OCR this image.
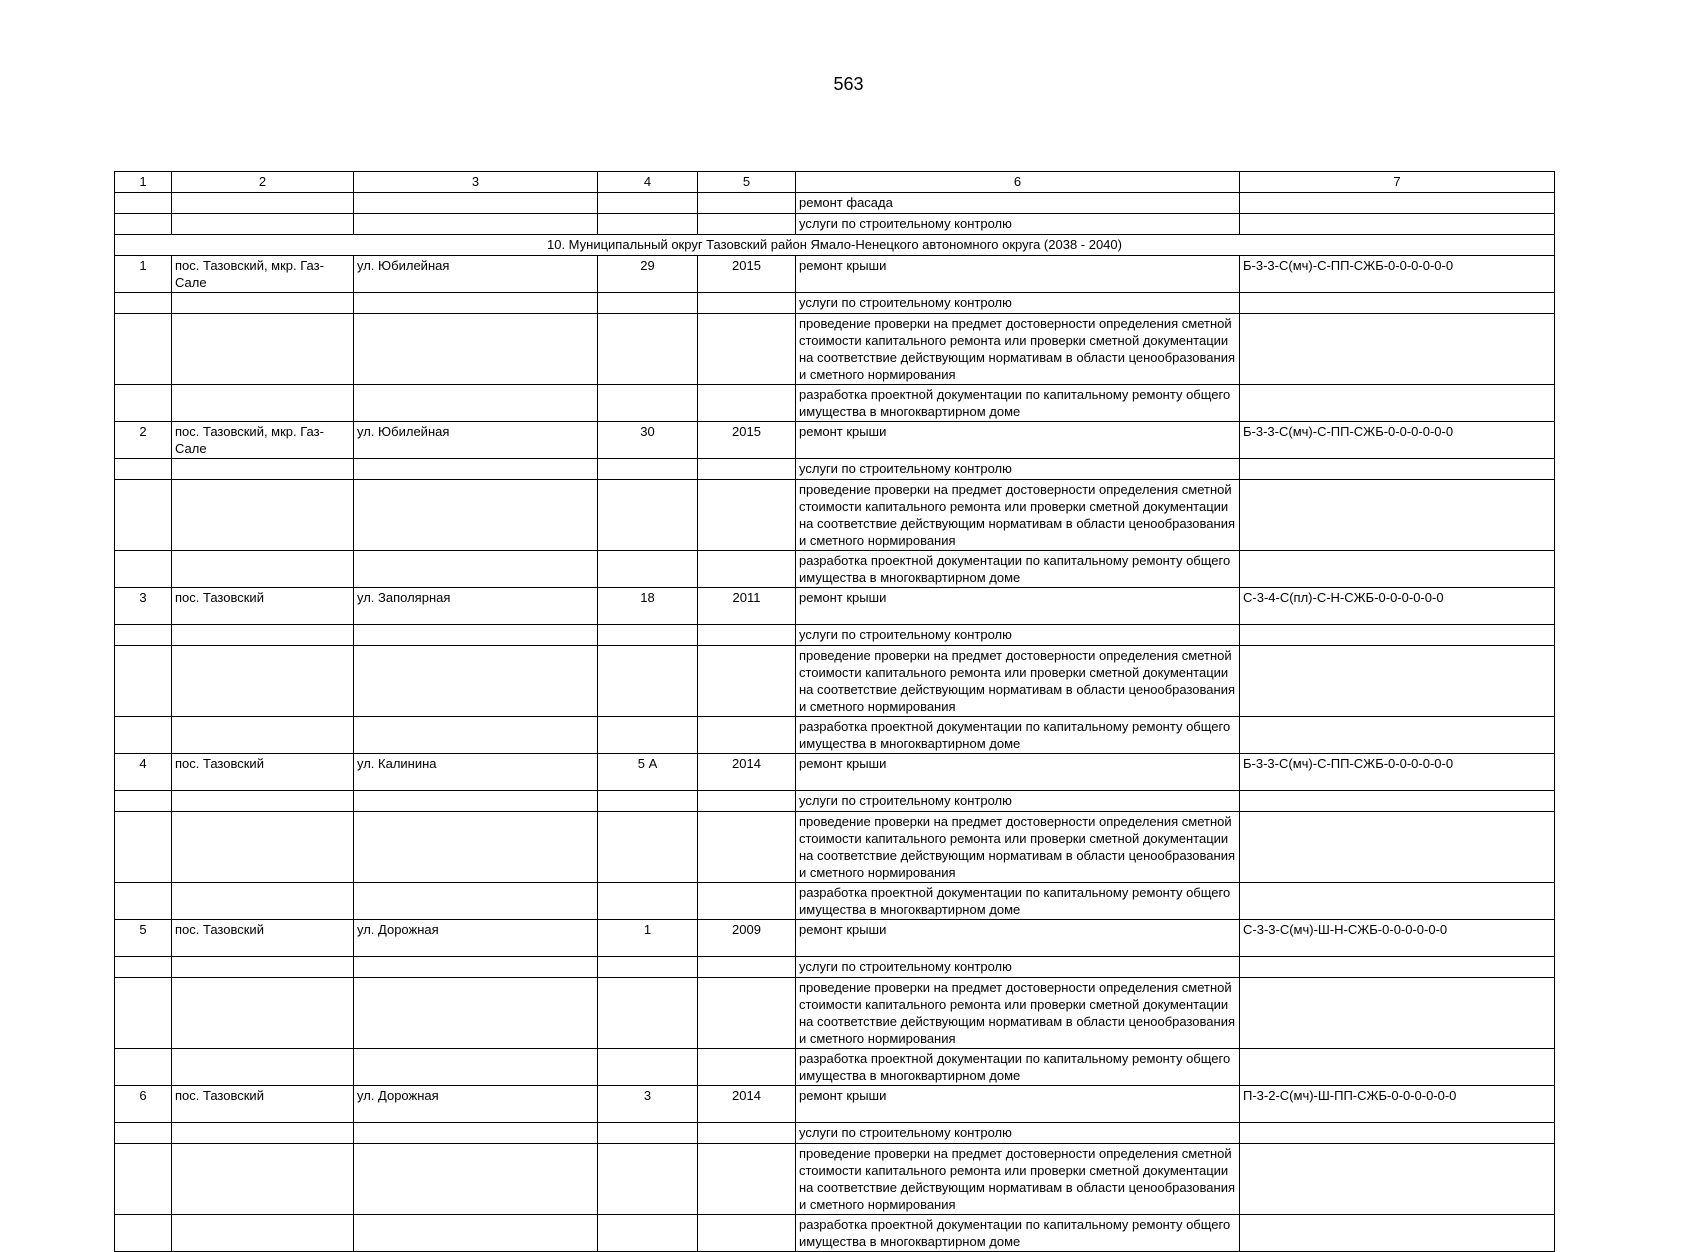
563
1	2	3	4	5	6	7
					ремонт фасада	
					услуги по строительному контролю	
10. Муниципальный округ Тазовский район Ямало-Ненецкого автономного округа (2038 - 2040)						
1	пос. Тазовский, мкр. Газ-Сале	ул. Юбилейная	29	2015	ремонт крыши	Б-3-3-С(мч)-С-ПП-СЖБ-0-0-0-0-0-0
					услуги по строительному контролю	
					проведение проверки на предмет достоверности определения сметной стоимости капитального ремонта или проверки сметной документации на соответствие действующим нормативам в области ценообразования и сметного нормирования	
					разработка проектной документации по капитальному ремонту общего имущества в многоквартирном доме	
2	пос. Тазовский, мкр. Газ-Сале	ул. Юбилейная	30	2015	ремонт крыши	Б-3-3-С(мч)-С-ПП-СЖБ-0-0-0-0-0-0
					услуги по строительному контролю	
					проведение проверки на предмет достоверности определения сметной стоимости капитального ремонта или проверки сметной документации на соответствие действующим нормативам в области ценообразования и сметного нормирования	
					разработка проектной документации по капитальному ремонту общего имущества в многоквартирном доме	
3	пос. Тазовский	ул. Заполярная	18	2011	ремонт крыши	С-3-4-С(пл)-С-Н-СЖБ-0-0-0-0-0-0
					услуги по строительному контролю	
					проведение проверки на предмет достоверности определения сметной стоимости капитального ремонта или проверки сметной документации на соответствие действующим нормативам в области ценообразования и сметного нормирования	
					разработка проектной документации по капитальному ремонту общего имущества в многоквартирном доме	
4	пос. Тазовский	ул. Калинина	5 А	2014	ремонт крыши	Б-3-3-С(мч)-С-ПП-СЖБ-0-0-0-0-0-0
					услуги по строительному контролю	
					проведение проверки на предмет достоверности определения сметной стоимости капитального ремонта или проверки сметной документации на соответствие действующим нормативам в области ценообразования и сметного нормирования	
					разработка проектной документации по капитальному ремонту общего имущества в многоквартирном доме	
5	пос. Тазовский	ул. Дорожная	1	2009	ремонт крыши	С-3-3-С(мч)-Ш-Н-СЖБ-0-0-0-0-0-0
					услуги по строительному контролю	
					проведение проверки на предмет достоверности определения сметной стоимости капитального ремонта или проверки сметной документации на соответствие действующим нормативам в области ценообразования и сметного нормирования	
					разработка проектной документации по капитальному ремонту общего имущества в многоквартирном доме	
6	пос. Тазовский	ул. Дорожная	3	2014	ремонт крыши	П-3-2-С(мч)-Ш-ПП-СЖБ-0-0-0-0-0-0
					услуги по строительному контролю	
					проведение проверки на предмет достоверности определения сметной стоимости капитального ремонта или проверки сметной документации на соответствие действующим нормативам в области ценообразования и сметного нормирования	
					разработка проектной документации по капитальному ремонту общего имущества в многоквартирном доме	
